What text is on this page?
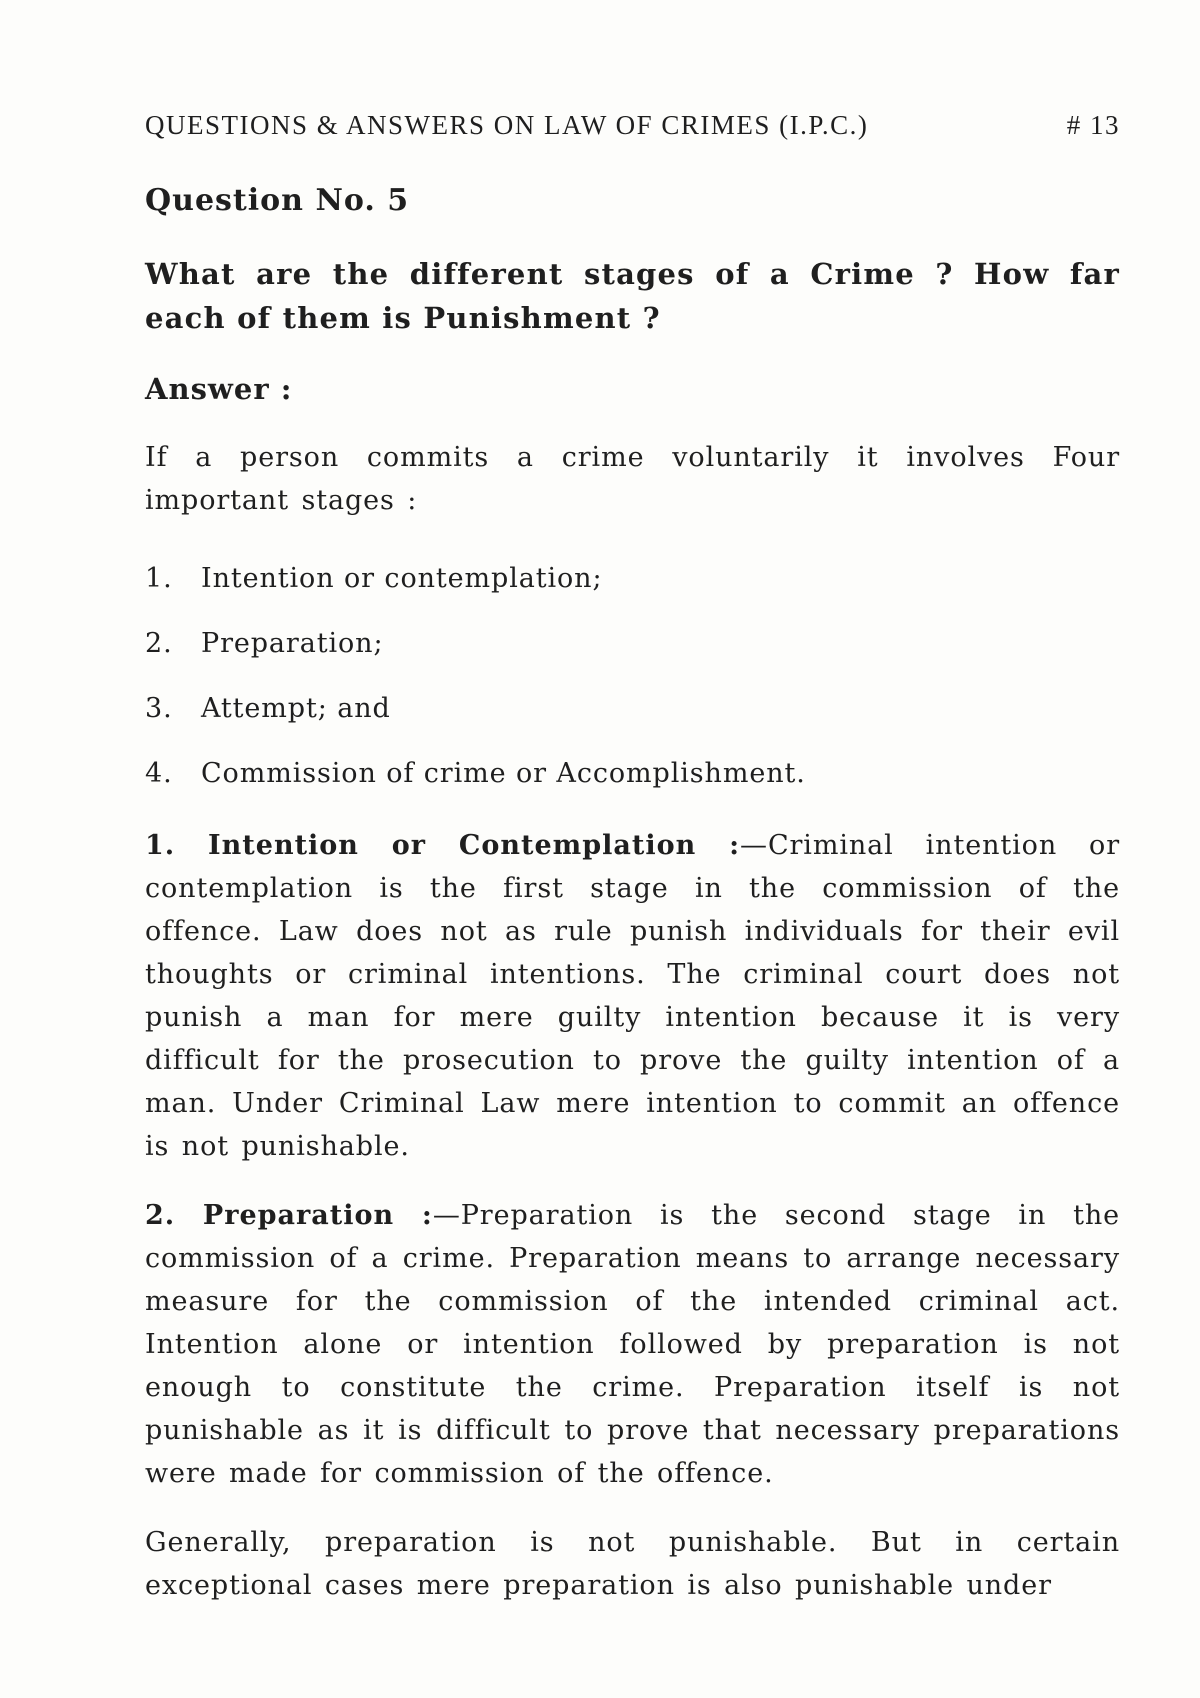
QUESTIONS & ANSWERS ON LAW OF CRIMES (I.P.C.)	# 13
Question No. 5
What are the different stages of a Crime ? How far each of them is Punishment ?
Answer :

If a person commits a crime voluntarily it involves Four important stages :

1.	Intention or contemplation;
2.	Preparation;
3.	Attempt; and
4.	Commission of crime or Accomplishment.

1. Intention or Contemplation :—Criminal intention or contemplation is the first stage in the commission of the offence. Law does not as rule punish individuals for their evil thoughts or criminal intentions. The criminal court does not punish a man for mere guilty intention because it is very difficult for the prosecution to prove the guilty intention of a man. Under Criminal Law mere intention to commit an offence is not punishable.

2. Preparation :—Preparation is the second stage in the commission of a crime. Preparation means to arrange necessary measure for the commission of the intended criminal act. Intention alone or intention followed by preparation is not enough to constitute the crime. Preparation itself is not punishable as it is difficult to prove that necessary preparations were made for commission of the offence.

Generally, preparation is not punishable. But in certain exceptional cases mere preparation is also punishable under
